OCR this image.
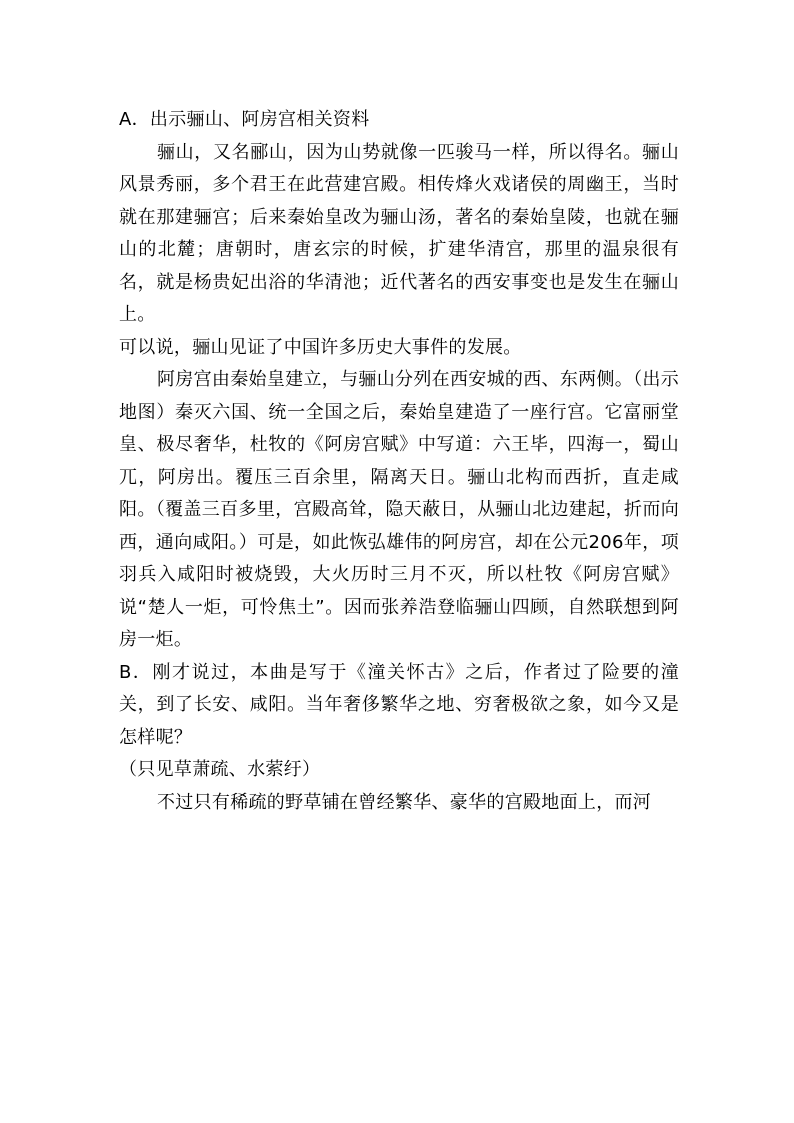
A．出示骊山、阿房宫相关资料

骊山，又名郦山，因为山势就像一匹骏马一样，所以得名。骊山风景秀丽，多个君王在此营建宫殿。相传烽火戏诸侯的周幽王，当时就在那建骊宫；后来秦始皇改为骊山汤，著名的秦始皇陵，也就在骊山的北麓；唐朝时，唐玄宗的时候，扩建华清宫，那里的温泉很有名，就是杨贵妃出浴的华清池；近代著名的西安事变也是发生在骊山上。

可以说，骊山见证了中国许多历史大事件的发展。

阿房宫由秦始皇建立，与骊山分列在西安城的西、东两侧。（出示地图）秦灭六国、统一全国之后，秦始皇建造了一座行宫。它富丽堂皇、极尽奢华，杜牧的《阿房宫赋》中写道：六王毕，四海一，蜀山兀，阿房出。覆压三百余里，隔离天日。骊山北构而西折，直走咸阳。（覆盖三百多里，宫殿高耸，隐天蔽日，从骊山北边建起，折而向西，通向咸阳。）可是，如此恢弘雄伟的阿房宫，却在公元206年，项羽兵入咸阳时被烧毁，大火历时三月不灭，所以杜牧《阿房宫赋》说“楚人一炬，可怜焦土”。因而张养浩登临骊山四顾，自然联想到阿房一炬。

B．刚才说过，本曲是写于《潼关怀古》之后，作者过了险要的潼关，到了长安、咸阳。当年奢侈繁华之地、穷奢极欲之象，如今又是怎样呢？

（只见草萧疏、水萦纡）

不过只有稀疏的野草铺在曾经繁华、豪华的宫殿地面上，而河
